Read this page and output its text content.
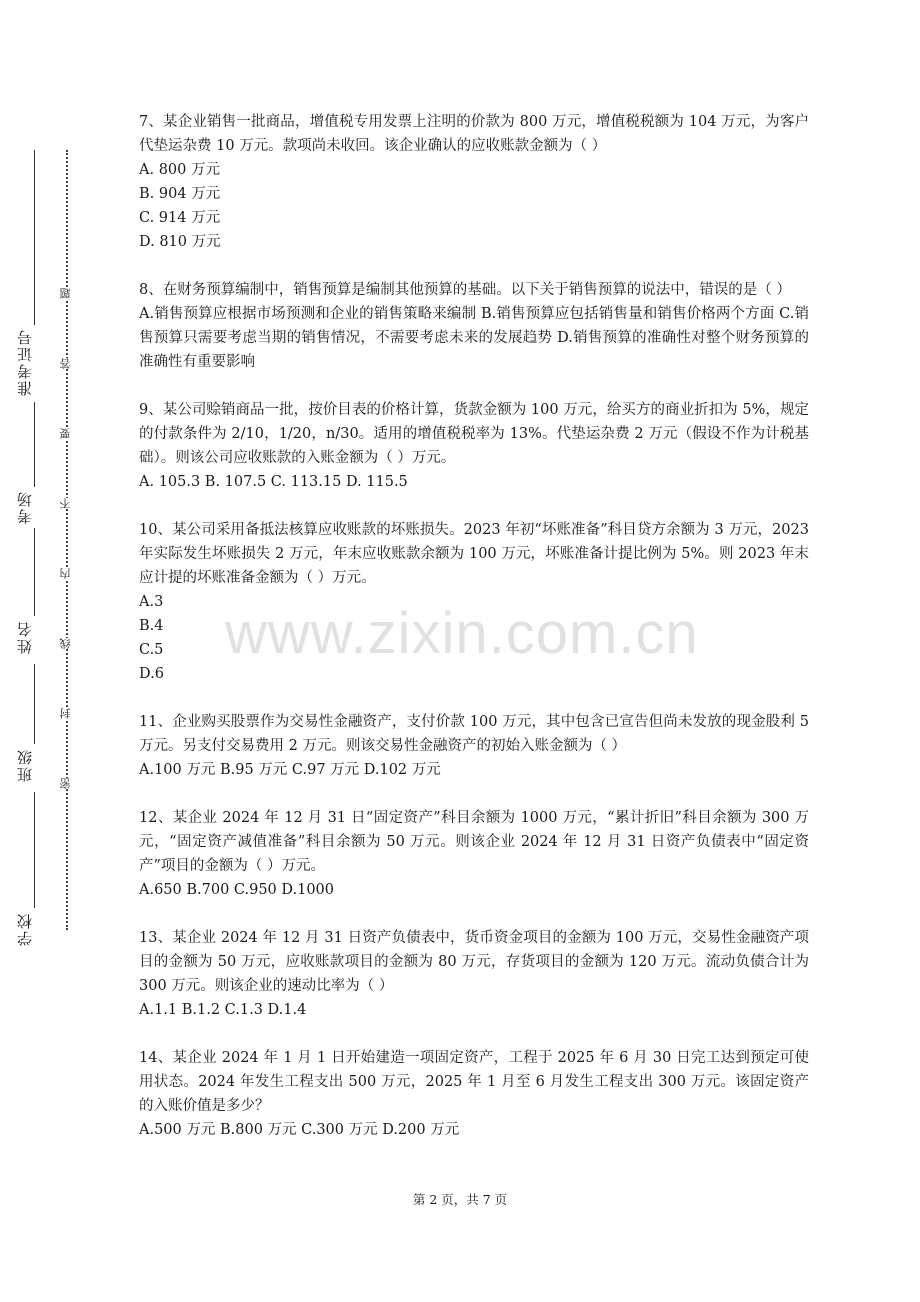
准考证号
考场
姓名
班级
学校
题
答
要
不
内
线
封
密
www.zixin.com.cn

7、某企业销售一批商品，增值税专用发票上注明的价款为 800 万元，增值税税额为 104 万元，为客户代垫运杂费 10 万元。款项尚未收回。该企业确认的应收账款金额为（ ）

A. 800 万元

B. 904 万元

C. 914 万元

D. 810 万元

8、在财务预算编制中，销售预算是编制其他预算的基础。以下关于销售预算的说法中，错误的是（ ）

A.销售预算应根据市场预测和企业的销售策略来编制 B.销售预算应包括销售量和销售价格两个方面 C.销售预算只需要考虑当期的销售情况，不需要考虑未来的发展趋势 D.销售预算的准确性对整个财务预算的准确性有重要影响

9、某公司赊销商品一批，按价目表的价格计算，货款金额为 100 万元，给买方的商业折扣为 5%，规定的付款条件为 2/10，1/20，n/30。适用的增值税税率为 13%。代垫运杂费 2 万元（假设不作为计税基础）。则该公司应收账款的入账金额为（ ）万元。

A. 105.3 B. 107.5 C. 113.15 D. 115.5

10、某公司采用备抵法核算应收账款的坏账损失。2023 年初“坏账准备”科目贷方余额为 3 万元，2023 年实际发生坏账损失 2 万元，年末应收账款余额为 100 万元，坏账准备计提比例为 5%。则 2023 年末应计提的坏账准备金额为（ ）万元。

A.3

B.4

C.5

D.6

11、企业购买股票作为交易性金融资产，支付价款 100 万元，其中包含已宣告但尚未发放的现金股利 5 万元。另支付交易费用 2 万元。则该交易性金融资产的初始入账金额为（ ）

A.100 万元 B.95 万元 C.97 万元 D.102 万元

12、某企业 2024 年 12 月 31 日“固定资产”科目余额为 1000 万元，“累计折旧”科目余额为 300 万元，“固定资产减值准备”科目余额为 50 万元。则该企业 2024 年 12 月 31 日资产负债表中“固定资产”项目的金额为（ ）万元。

A.650 B.700 C.950 D.1000

13、某企业 2024 年 12 月 31 日资产负债表中，货币资金项目的金额为 100 万元，交易性金融资产项目的金额为 50 万元，应收账款项目的金额为 80 万元，存货项目的金额为 120 万元。流动负债合计为 300 万元。则该企业的速动比率为（ ）

A.1.1 B.1.2 C.1.3 D.1.4

14、某企业 2024 年 1 月 1 日开始建造一项固定资产，工程于 2025 年 6 月 30 日完工达到预定可使用状态。2024 年发生工程支出 500 万元，2025 年 1 月至 6 月发生工程支出 300 万元。该固定资产的入账价值是多少？

A.500 万元 B.800 万元 C.300 万元 D.200 万元

第 2 页，共 7 页
